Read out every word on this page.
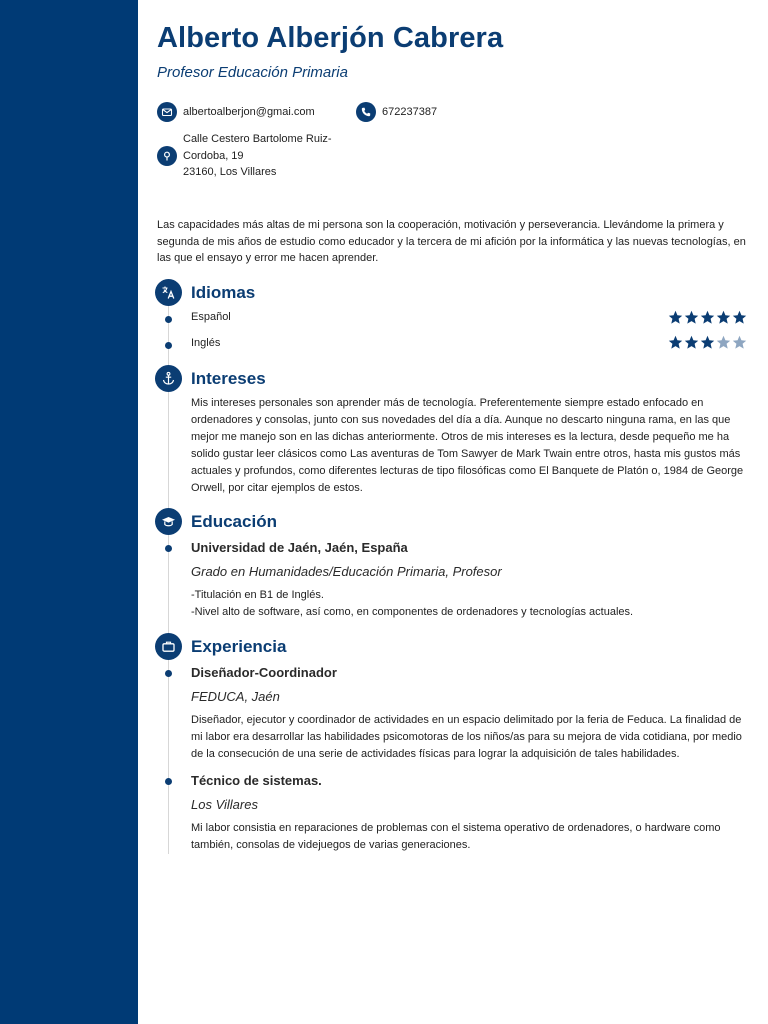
Alberto Alberjón Cabrera
Profesor Educación Primaria
albertoalberjon@gmai.com	672237387
Calle Cestero Bartolome Ruiz-
Cordoba, 19
23160, Los Villares
Las capacidades más altas de mi persona son la cooperación, motivación y perseverancia. Llevándome la primera y segunda de mis años de estudio como educador y la tercera de mi afición por la informática y las nuevas tecnologías, en las que el ensayo y error me hacen aprender.
Idiomas
Español
Inglés
Intereses
Mis intereses personales son aprender más de tecnología. Preferentemente siempre estado enfocado en ordenadores y consolas, junto con sus novedades del día a día. Aunque no descarto ninguna rama, en las que mejor me manejo son en las dichas anteriormente. Otros de mis intereses es la lectura, desde pequeño me ha solido gustar leer clásicos como Las aventuras de Tom Sawyer de Mark Twain entre otros, hasta mis gustos más actuales y profundos, como diferentes lecturas de tipo filosóficas como El Banquete de Platón o, 1984 de George Orwell, por citar ejemplos de estos.
Educación
Universidad de Jaén, Jaén, España
Grado en Humanidades/Educación Primaria, Profesor
-Titulación en B1 de Inglés.
-Nivel alto de software, así como, en componentes de ordenadores y tecnologías actuales.
Experiencia
Diseñador-Coordinador
FEDUCA, Jaén
Diseñador, ejecutor y coordinador de actividades en un espacio delimitado por la feria de Feduca. La finalidad de mi labor era desarrollar las habilidades psicomotoras de los niños/as para su mejora de vida cotidiana, por medio de la consecución de una serie de actividades físicas para lograr la adquisición de tales habilidades.
Técnico de sistemas.
Los Villares
Mi labor consistia en reparaciones de problemas con el sistema operativo de ordenadores, o hardware como también, consolas de videjuegos de varias generaciones.
